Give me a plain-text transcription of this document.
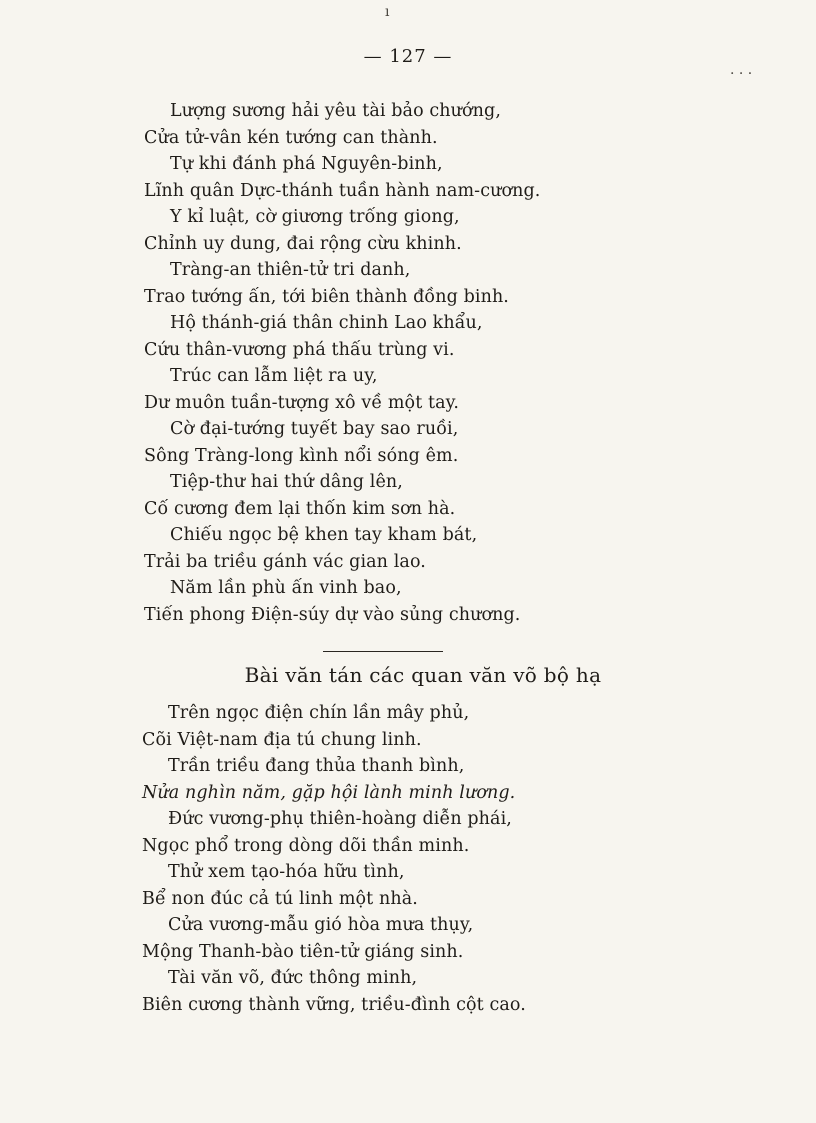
ı
· · ·
— 127 —
Lượng sương hải yêu tài bảo chướng,
Cửa tử-vân kén tướng can thành.
Tự khi đánh phá Nguyên-binh,
Lĩnh quân Dực-thánh tuần hành nam-cương.
Y kỉ luật, cờ giương trống giong,
Chỉnh uy dung, đai rộng cừu khinh.
Tràng-an thiên-tử tri danh,
Trao tướng ấn, tới biên thành đồng binh.
Hộ thánh-giá thân chinh Lao khẩu,
Cứu thân-vương phá thấu trùng vi.
Trúc can lẫm liệt ra uy,
Dư muôn tuần-tượng xô về một tay.
Cờ đại-tướng tuyết bay sao ruồi,
Sông Tràng-long kình nổi sóng êm.
Tiệp-thư hai thứ dâng lên,
Cố cương đem lại thốn kim sơn hà.
Chiếu ngọc bệ khen tay kham bát,
Trải ba triều gánh vác gian lao.
Năm lần phù ấn vinh bao,
Tiến phong Điện-súy dự vào sủng chương.
Bài văn tán các quan văn võ bộ hạ
Trên ngọc điện chín lần mây phủ,
Cõi Việt-nam địa tú chung linh.
Trần triều đang thủa thanh bình,
Nửa nghìn năm, gặp hội lành minh lương.
Đức vương-phụ thiên-hoàng diễn phái,
Ngọc phổ trong dòng dõi thần minh.
Thử xem tạo-hóa hữu tình,
Bể non đúc cả tú linh một nhà.
Cửa vương-mẫu gió hòa mưa thụy,
Mộng Thanh-bào tiên-tử giáng sinh.
Tài văn võ, đức thông minh,
Biên cương thành vững, triều-đình cột cao.
